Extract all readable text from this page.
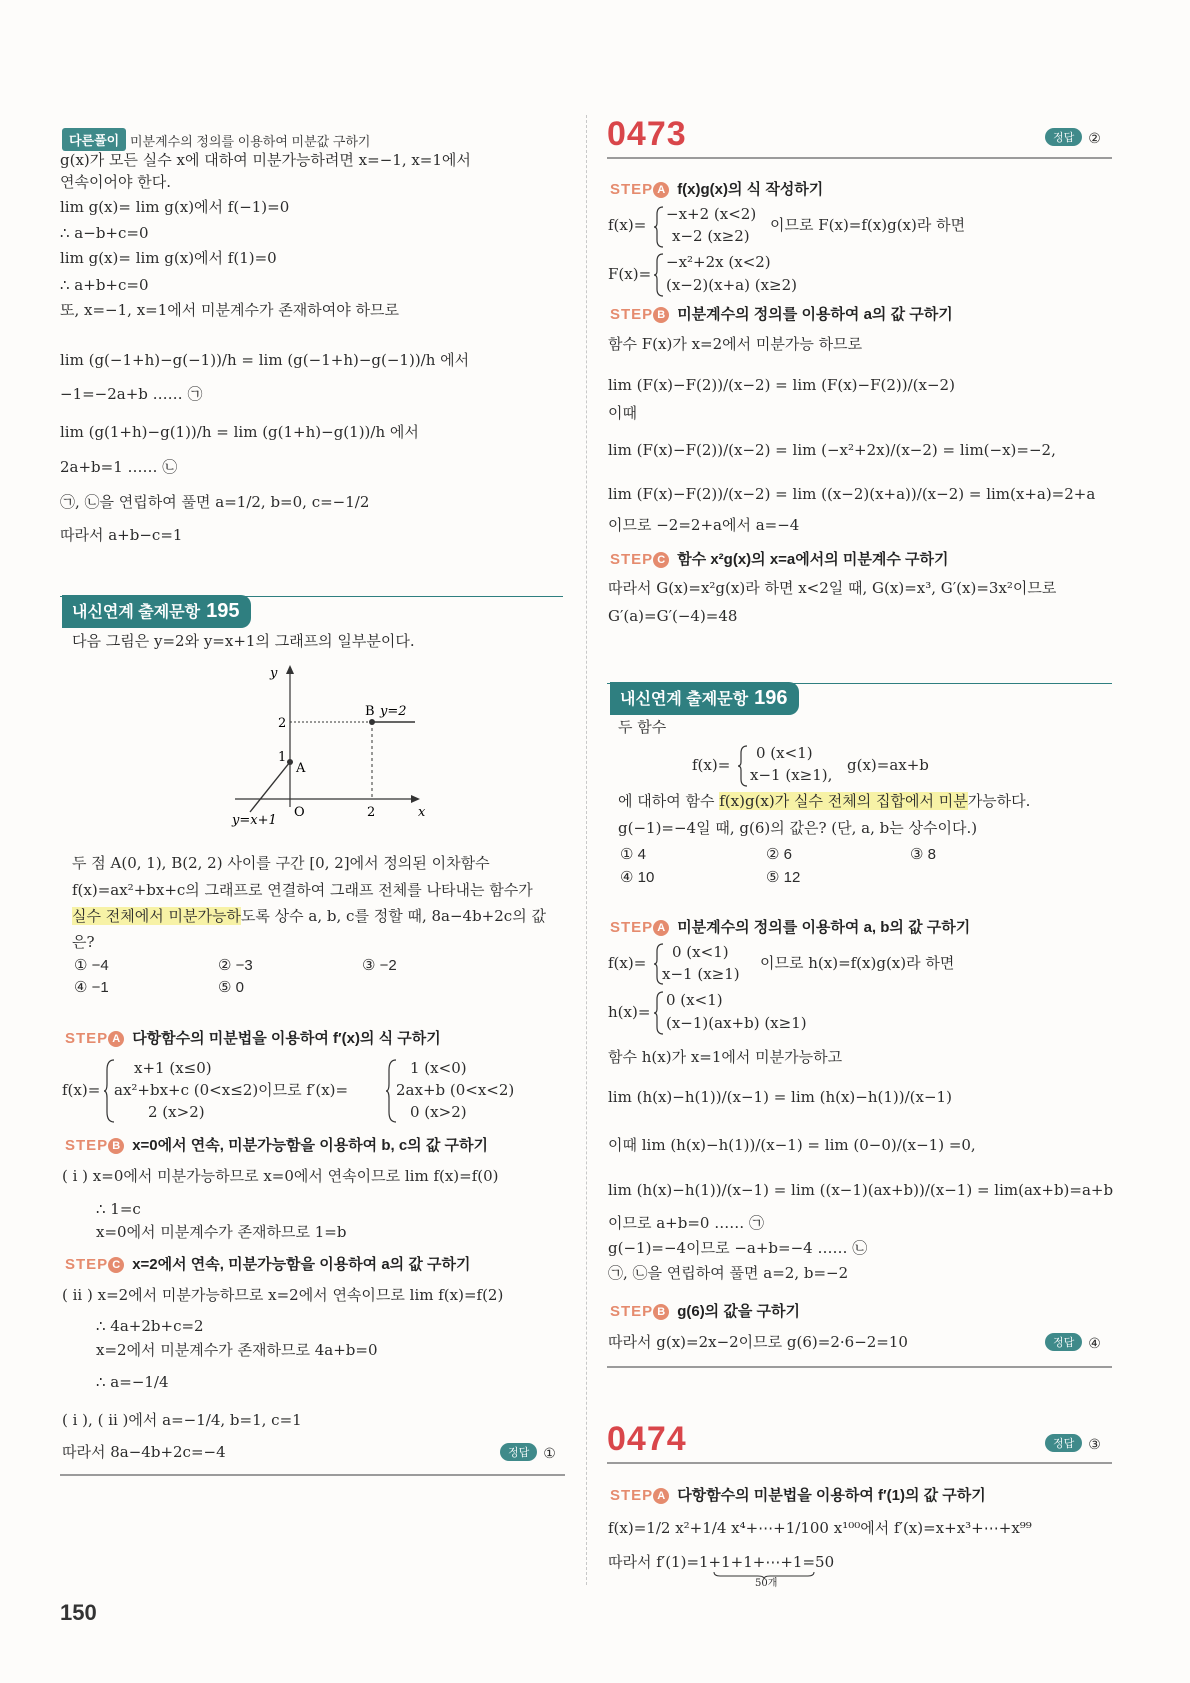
다른풀이 미분계수의 정의를 이용하여 미분값 구하기
g(x)가 모든 실수 x에 대하여 미분가능하려면 x=−1, x=1에서
연속이어야 한다.
lim g(x)= lim g(x)에서 f(−1)=0
∴ a−b+c=0
lim g(x)= lim g(x)에서 f(1)=0
∴ a+b+c=0
또, x=−1, x=1에서 미분계수가 존재하여야 하므로
lim (g(−1+h)−g(−1))/h = lim (g(−1+h)−g(−1))/h 에서
−1=−2a+b …… ㉠
lim (g(1+h)−g(1))/h = lim (g(1+h)−g(1))/h 에서
2a+b=1 …… ㉡
㉠, ㉡을 연립하여 풀면 a=1/2, b=0, c=−1/2
따라서 a+b−c=1
내신연계 출제문항 195
다음 그림은 y=2와 y=x+1의 그래프의 일부분이다.
y
x
O
2
1
2
A
B y=2
y=x+1
두 점 A(0, 1), B(2, 2) 사이를 구간 [0, 2]에서 정의된 이차함수
f(x)=ax²+bx+c의 그래프로 연결하여 그래프 전체를 나타내는 함수가
실수 전체에서 미분가능하도록 상수 a, b, c를 정할 때, 8a−4b+2c의 값
은?
① −4	② −3	③ −2
④ −1	⑤ 0
STEP A 다항함수의 미분법을 이용하여 f′(x)의 식 구하기
f(x)=
x+1 (x≤0)
ax²+bx+c (0<x≤2)이므로 f′(x)=
2 (x>2)
1 (x<0)
2ax+b (0<x<2)
0 (x>2)
STEP B x=0에서 연속, 미분가능함을 이용하여 b, c의 값 구하기
( i ) x=0에서 미분가능하므로 x=0에서 연속이므로 lim f(x)=f(0)
∴ 1=c
x=0에서 미분계수가 존재하므로 1=b
STEP C x=2에서 연속, 미분가능함을 이용하여 a의 값 구하기
( ii ) x=2에서 미분가능하므로 x=2에서 연속이므로 lim f(x)=f(2)
∴ 4a+2b+c=2
x=2에서 미분계수가 존재하므로 4a+b=0
∴ a=−1/4
( i ), ( ii )에서 a=−1/4, b=1, c=1
따라서 8a−4b+2c=−4	정답 ①
150
0473	정답 ②
STEP A f(x)g(x)의 식 작성하기
f(x)=
−x+2 (x<2)
x−2 (x≥2)
이므로 F(x)=f(x)g(x)라 하면
F(x)=
−x²+2x (x<2)
(x−2)(x+a) (x≥2)
STEP B 미분계수의 정의를 이용하여 a의 값 구하기
함수 F(x)가 x=2에서 미분가능 하므로
lim (F(x)−F(2))/(x−2) = lim (F(x)−F(2))/(x−2)
이때
lim (F(x)−F(2))/(x−2) = lim (−x²+2x)/(x−2) = lim(−x)=−2,
lim (F(x)−F(2))/(x−2) = lim ((x−2)(x+a))/(x−2) = lim(x+a)=2+a
이므로 −2=2+a에서 a=−4
STEP C 함수 x²g(x)의 x=a에서의 미분계수 구하기
따라서 G(x)=x²g(x)라 하면 x<2일 때, G(x)=x³, G′(x)=3x²이므로
G′(a)=G′(−4)=48
내신연계 출제문항 196
두 함수
f(x)=
0 (x<1)
x−1 (x≥1),
g(x)=ax+b
에 대하여 함수 f(x)g(x)가 실수 전체의 집합에서 미분가능하다.
g(−1)=−4일 때, g(6)의 값은? (단, a, b는 상수이다.)
① 4	② 6	③ 8
④ 10	⑤ 12
STEP A 미분계수의 정의를 이용하여 a, b의 값 구하기
f(x)=
0 (x<1)
x−1 (x≥1)
이므로 h(x)=f(x)g(x)라 하면
h(x)=
0 (x<1)
(x−1)(ax+b) (x≥1)
함수 h(x)가 x=1에서 미분가능하고
lim (h(x)−h(1))/(x−1) = lim (h(x)−h(1))/(x−1)
이때 lim (h(x)−h(1))/(x−1) = lim (0−0)/(x−1) =0,
lim (h(x)−h(1))/(x−1) = lim ((x−1)(ax+b))/(x−1) = lim(ax+b)=a+b
이므로 a+b=0 …… ㉠
g(−1)=−4이므로 −a+b=−4 …… ㉡
㉠, ㉡을 연립하여 풀면 a=2, b=−2
STEP B g(6)의 값을 구하기
따라서 g(x)=2x−2이므로 g(6)=2·6−2=10	정답 ④
0474	정답 ③
STEP A 다항함수의 미분법을 이용하여 f′(1)의 값 구하기
f(x)=1/2 x²+1/4 x⁴+⋯+1/100 x¹⁰⁰에서 f′(x)=x+x³+⋯+x⁹⁹
따라서 f′(1)=1+1+1+⋯+1=50
50개
